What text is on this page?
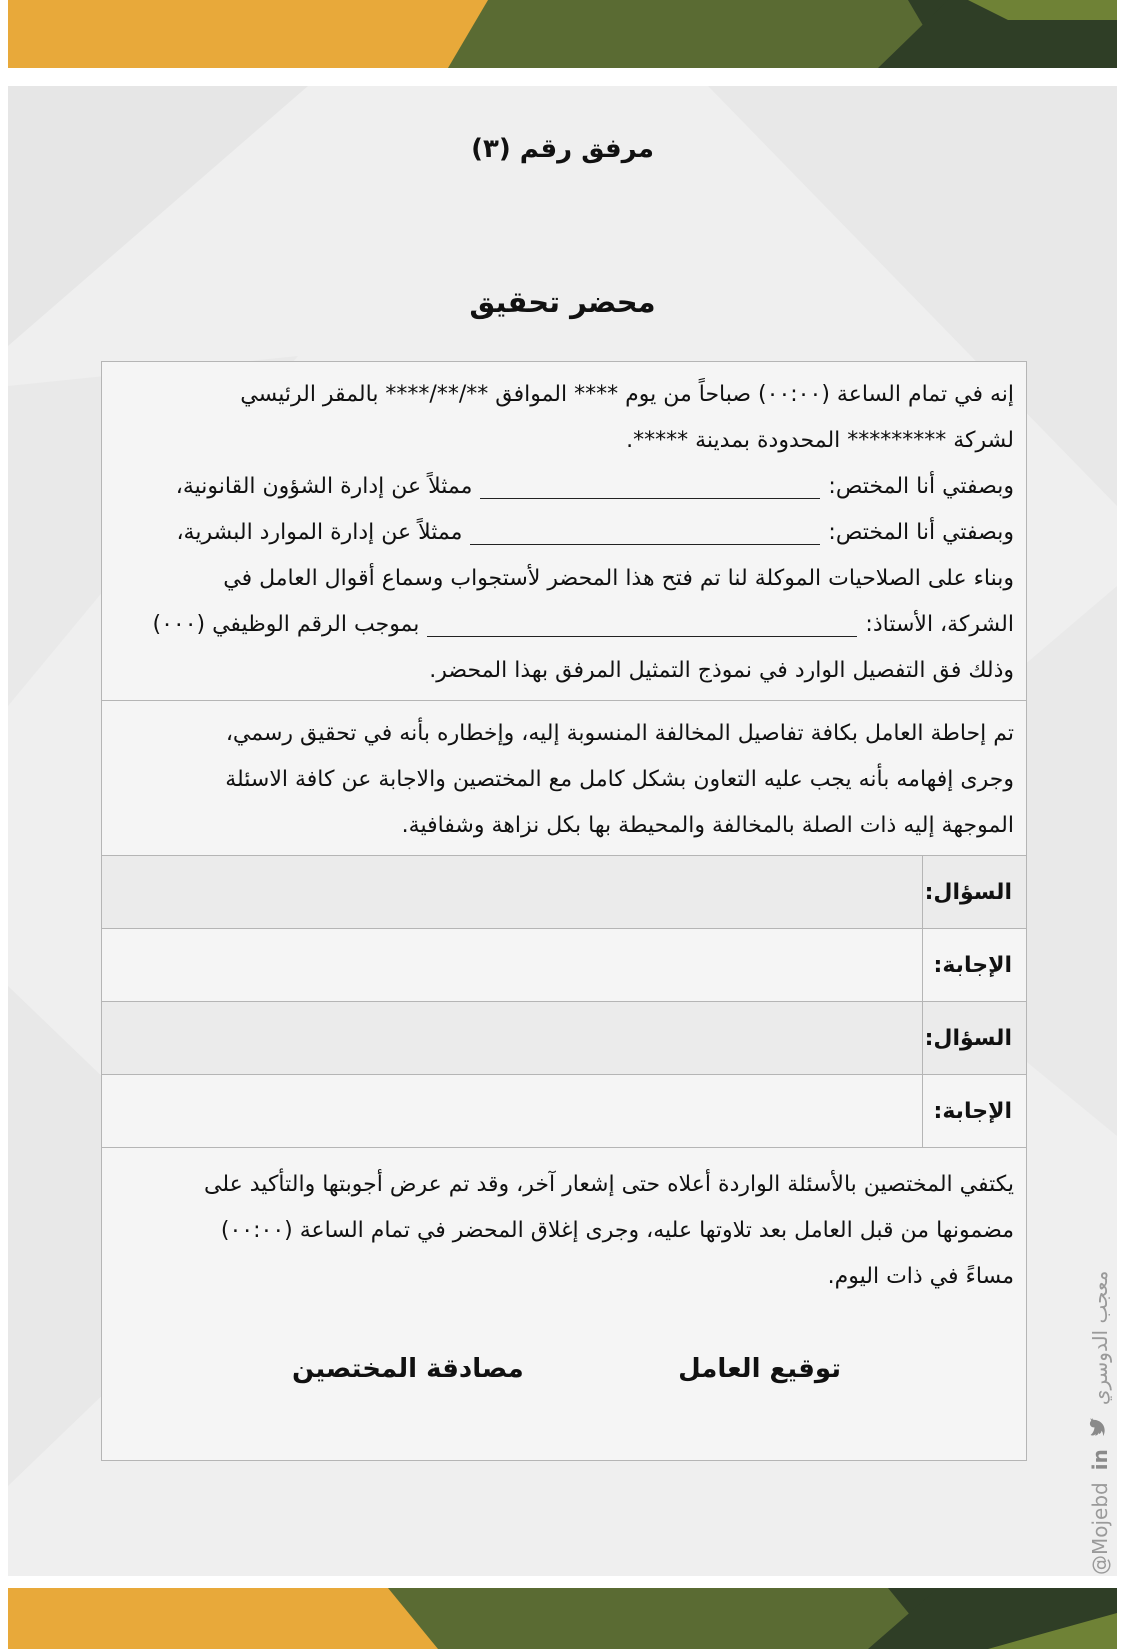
مرفق رقم (٣)
محضر تحقيق
إنه في تمام الساعة (٠٠:٠٠) صباحاً من يوم **** الموافق **/**/**** بالمقر الرئيسي
لشركة ********* المحدودة بمدينة *****.
وبصفتي أنا المختص:ممثلاً عن إدارة الشؤون القانونية،
وبصفتي أنا المختص:ممثلاً عن إدارة الموارد البشرية،
وبناء على الصلاحيات الموكلة لنا تم فتح هذا المحضر لأستجواب وسماع أقوال العامل في
الشركة، الأستاذ:بموجب الرقم الوظيفي (٠٠٠)
وذلك فق التفصيل الوارد في نموذج التمثيل المرفق بهذا المحضر.
تم إحاطة العامل بكافة تفاصيل المخالفة المنسوبة إليه، وإخطاره بأنه في تحقيق رسمي،
وجرى إفهامه بأنه يجب عليه التعاون بشكل كامل مع المختصين والاجابة عن كافة الاسئلة
الموجهة إليه ذات الصلة بالمخالفة والمحيطة بها بكل نزاهة وشفافية.
السؤال:
الإجابة:
السؤال:
الإجابة:
يكتفي المختصين بالأسئلة الواردة أعلاه حتى إشعار آخر، وقد تم عرض أجوبتها والتأكيد على
مضمونها من قبل العامل بعد تلاوتها عليه، وجرى إغلاق المحضر في تمام الساعة (٠٠:٠٠)
مساءً في ذات اليوم.
توقيع العامل
مصادقة المختصين
@Mojebd
in
معجب الدوسري
